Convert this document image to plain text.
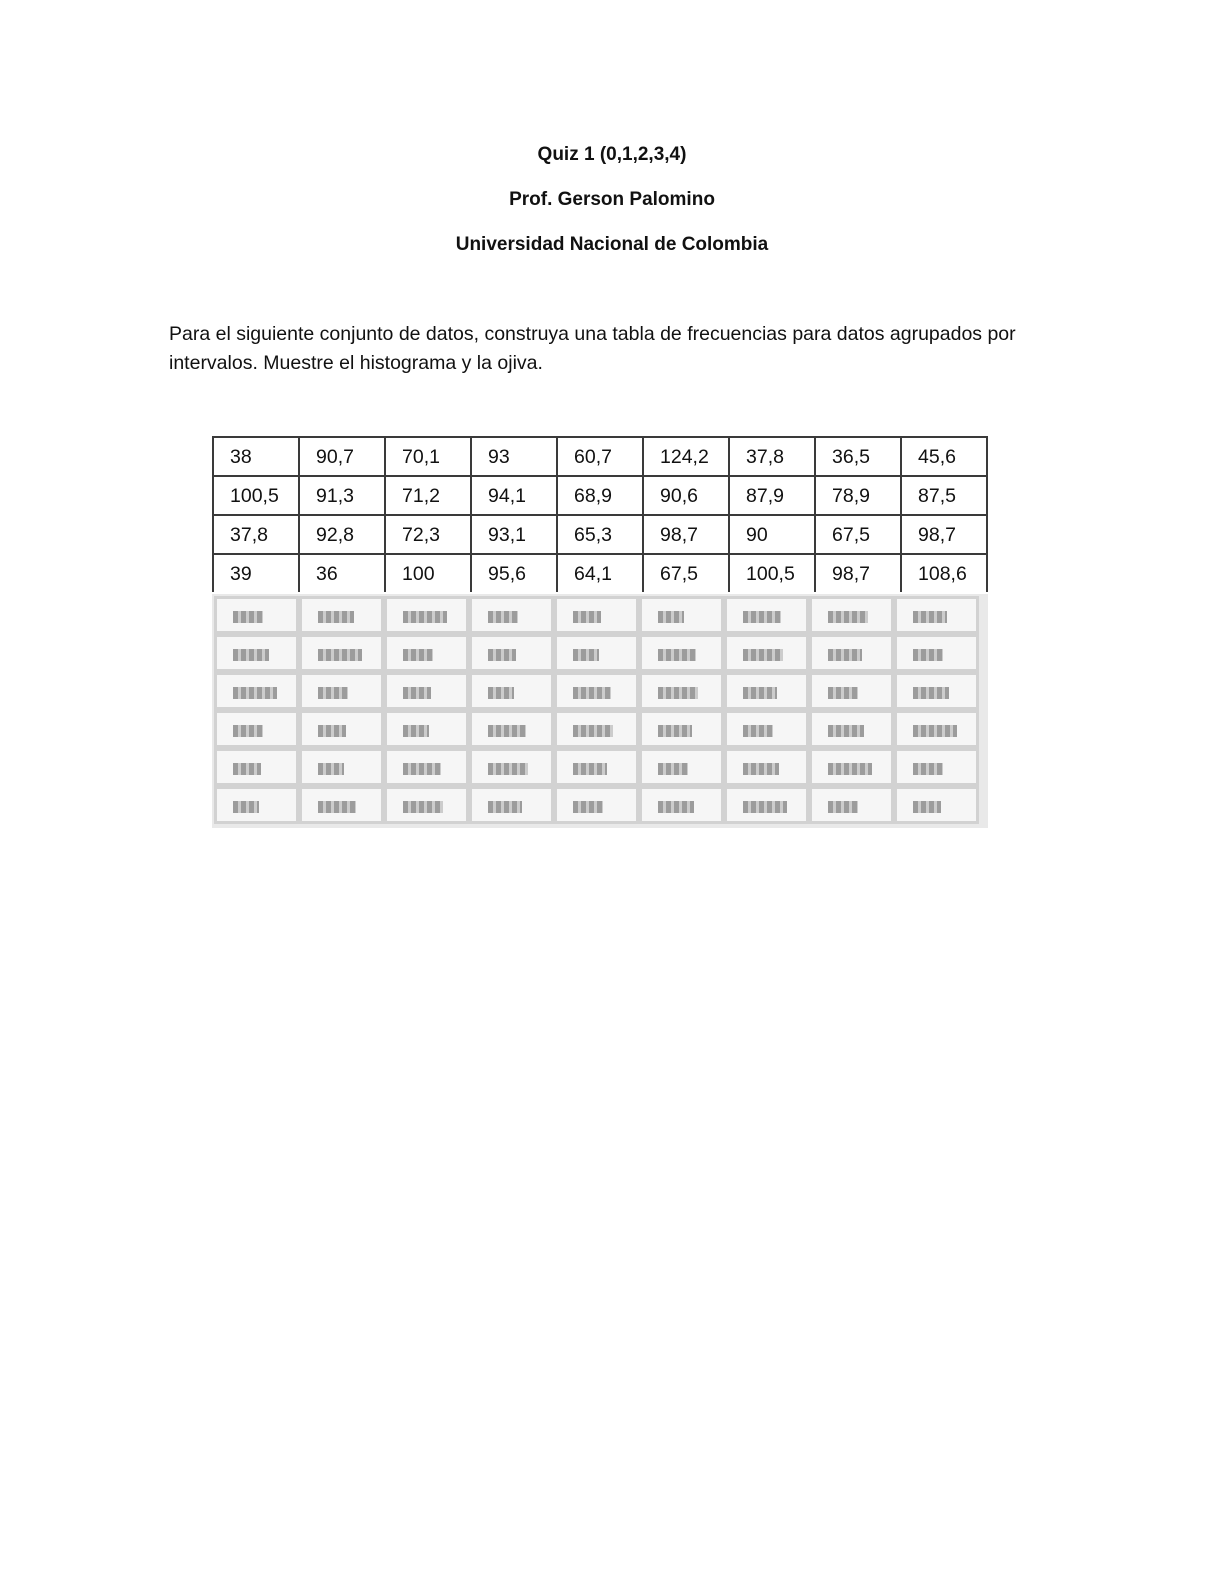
Quiz 1 (0,1,2,3,4)
Prof. Gerson Palomino
Universidad Nacional de Colombia
Para el siguiente conjunto de datos, construya una tabla de frecuencias para datos agrupados por intervalos. Muestre el histograma y la ojiva.
38	90,7	70,1	93	60,7	124,2	37,8	36,5	45,6
100,5	91,3	71,2	94,1	68,9	90,6	87,9	78,9	87,5
37,8	92,8	72,3	93,1	65,3	98,7	90	67,5	98,7
39	36	100	95,6	64,1	67,5	100,5	98,7	108,6
